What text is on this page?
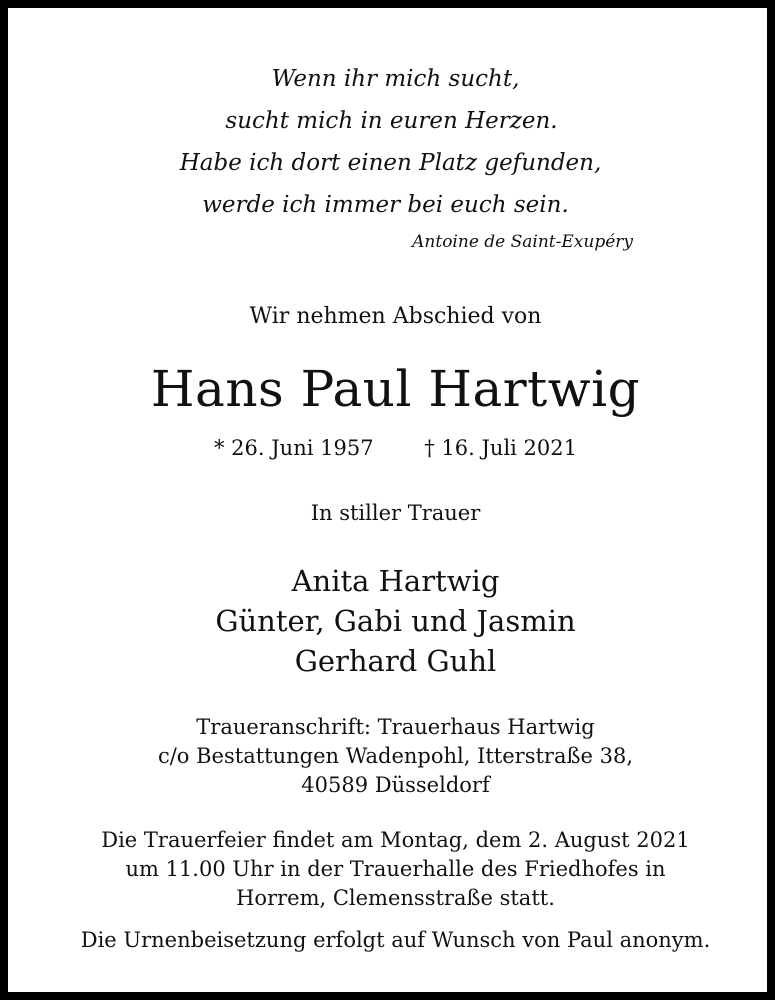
Wenn ihr mich sucht,
sucht mich in euren Herzen.
Habe ich dort einen Platz gefunden,
werde ich immer bei euch sein.
Antoine de Saint-Exupéry
Wir nehmen Abschied von
Hans Paul Hartwig
* 26. Juni 1957 † 16. Juli 2021
In stiller Trauer
Anita Hartwig
Günter, Gabi und Jasmin
Gerhard Guhl
Traueranschrift: Trauerhaus Hartwig
c/o Bestattungen Wadenpohl, Itterstraße 38,
40589 Düsseldorf
Die Trauerfeier findet am Montag, dem 2. August 2021
um 11.00 Uhr in der Trauerhalle des Friedhofes in
Horrem, Clemensstraße statt.
Die Urnenbeisetzung erfolgt auf Wunsch von Paul anonym.
